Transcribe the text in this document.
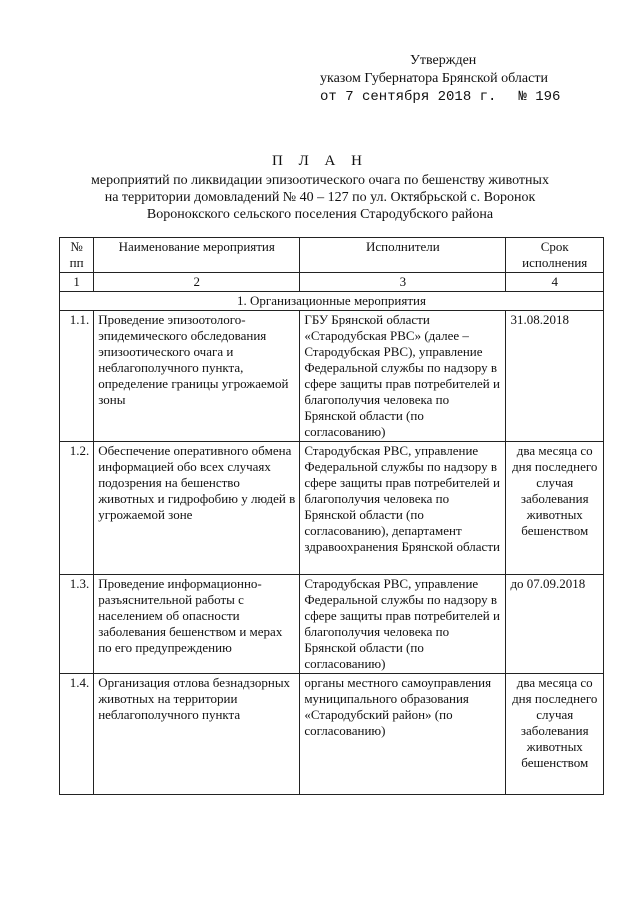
Утвержден
указом Губернатора Брянской области
от 7 сентября 2018 г. № 196
П Л А Н
мероприятий по ликвидации эпизоотического очага по бешенству животных
на территории домовладений № 40 – 127 по ул. Октябрьской с. Воронок
Воронокского сельского поселения Стародубского района
№ пп	Наименование мероприятия	Исполнители	Срок исполнения
1	2	3	4
1. Организационные мероприятия			
1.1.	Проведение эпизоотолого-эпидемического обследования эпизоотического очага и неблагополучного пункта, определение границы угрожаемой зоны	ГБУ Брянской области «Стародубская РВС» (далее – Стародубская РВС), управление Федеральной службы по надзору в сфере защиты прав потребителей и благополучия человека по Брянской области (по согласованию)	31.08.2018
1.2.	Обеспечение оперативного обмена информацией обо всех случаях подозрения на бешенство животных и гидрофобию у людей в угрожаемой зоне	Стародубская РВС, управление Федеральной службы по надзору в сфере защиты прав потребителей и благополучия человека по Брянской области (по согласованию), департамент здравоохранения Брянской области	два месяца со дня последнего случая заболевания животных бешенством
1.3.	Проведение информационно-разъяснительной работы с населением об опасности заболевания бешенством и мерах по его предупреждению	Стародубская РВС, управление Федеральной службы по надзору в сфере защиты прав потребителей и благополучия человека по Брянской области (по согласованию)	до 07.09.2018
1.4.	Организация отлова безнадзорных животных на территории неблагополучного пункта	органы местного самоуправления муниципального образования «Стародубский район» (по согласованию)	два месяца со дня последнего случая заболевания животных бешенством
